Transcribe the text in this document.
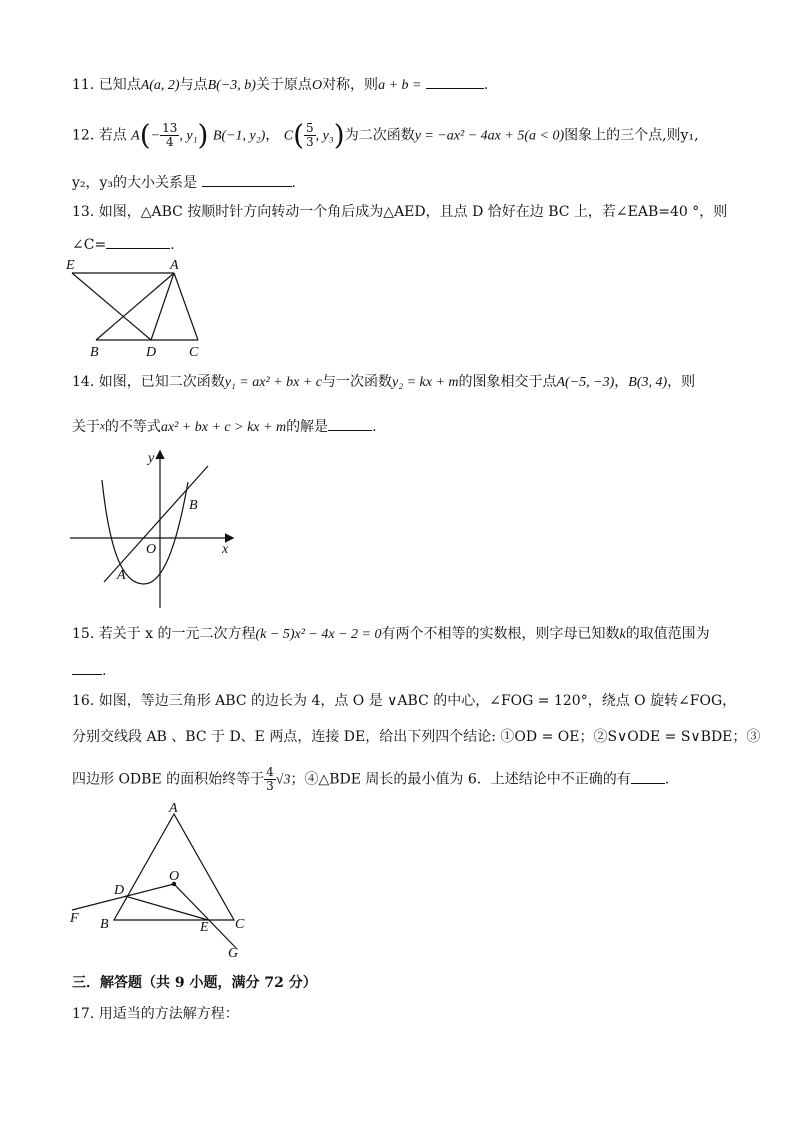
11. 已知点A(a, 2)与点B(−3, b)关于原点O对称，则a + b =	.
12. 若点 $A(- \frac{13}{4}$ , y₁) B(−1, y₂)， $C( \frac{5}{3}$ , y₃)为二次函数y = −ax² − 4ax + 5(a < 0)图象上的三个点,则y₁,
y₂，y₃的大小关系是	.
13. 如图，△ABC 按顺时针方向转动一个角后成为△AED，且点 D 恰好在边 BC 上，若∠EAB=40 °，则
∠C=	.
E	A
B	D C
14. 如图，已知二次函数y₁ = ax² + bx + c与一次函数y₂ = kx + m的图象相交于点A(−5, −3)，B(3, 4)，则
关于$^x$的不等式ax² + bx + c > kx + m的解是	.
y
x
O
A
B
15. 若关于 x 的一元二次方程(k − 5)x² − 4x − 2 = 0有两个不相等的实数根，则字母已知数k的取值范围为
.
16. 如图，等边三角形 ABC 的边长为 4，点 O 是 ∨ABC 的中心，∠FOG = 120°，绕点 O 旋转∠FOG，
分别交线段 AB 、BC 于 D、E 两点，连接 DE，给出下列四个结论: ①OD = OE；②S∨ODE = S∨BDE；③
四边形 ODBE 的面积始终等于 $\frac{4}{3} √3$；④△BDE 周长的最小值为 6．上述结论中不正确的有 .
A
O
D
F B	E C
G
三．解答题（共 9 小题，满分 72 分）
17. 用适当的方法解方程：
